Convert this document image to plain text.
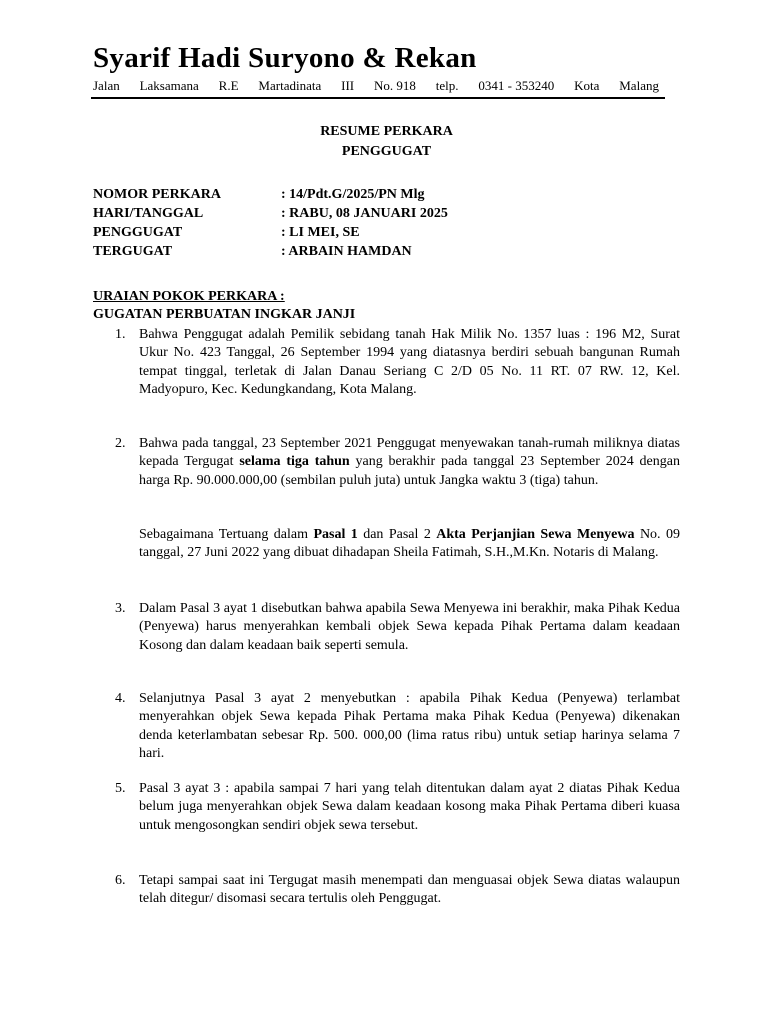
Syarif Hadi Suryono & Rekan
Jalan Laksamana R.E Martadinata III No. 918 telp. 0341 - 353240 Kota Malang
RESUME PERKARA
PENGGUGAT
NOMOR PERKARA	: 14/Pdt.G/2025/PN Mlg
HARI/TANGGAL	: RABU, 08 JANUARI 2025
PENGGUGAT	: LI MEI, SE
TERGUGAT	: ARBAIN HAMDAN
URAIAN POKOK PERKARA :
GUGATAN PERBUATAN INGKAR JANJI
1. Bahwa Penggugat adalah Pemilik sebidang tanah Hak Milik No. 1357 luas : 196 M2, Surat Ukur No. 423 Tanggal, 26 September 1994 yang diatasnya berdiri sebuah bangunan Rumah tempat tinggal, terletak di Jalan Danau Seriang C 2/D 05 No. 11 RT. 07 RW. 12, Kel. Madyopuro, Kec. Kedungkandang, Kota Malang.
2. Bahwa pada tanggal, 23 September 2021 Penggugat menyewakan tanah-rumah miliknya diatas kepada Tergugat selama tiga tahun yang berakhir pada tanggal 23 September 2024 dengan harga Rp. 90.000.000,00 (sembilan puluh juta) untuk Jangka waktu 3 (tiga) tahun.
Sebagaimana Tertuang dalam Pasal 1 dan Pasal 2 Akta Perjanjian Sewa Menyewa No. 09 tanggal, 27 Juni 2022 yang dibuat dihadapan Sheila Fatimah, S.H.,M.Kn. Notaris di Malang.
3. Dalam Pasal 3 ayat 1 disebutkan bahwa apabila Sewa Menyewa ini berakhir, maka Pihak Kedua (Penyewa) harus menyerahkan kembali objek Sewa kepada Pihak Pertama dalam keadaan Kosong dan dalam keadaan baik seperti semula.
4. Selanjutnya Pasal 3 ayat 2 menyebutkan : apabila Pihak Kedua (Penyewa) terlambat menyerahkan objek Sewa kepada Pihak Pertama maka Pihak Kedua (Penyewa) dikenakan denda keterlambatan sebesar Rp. 500. 000,00 (lima ratus ribu) untuk setiap harinya selama 7 hari.
5. Pasal 3 ayat 3 : apabila sampai 7 hari yang telah ditentukan dalam ayat 2 diatas Pihak Kedua belum juga menyerahkan objek Sewa dalam keadaan kosong maka Pihak Pertama diberi kuasa untuk mengosongkan sendiri objek sewa tersebut.
6. Tetapi sampai saat ini Tergugat masih menempati dan menguasai objek Sewa diatas walaupun telah ditegur/ disomasi secara tertulis oleh Penggugat.
